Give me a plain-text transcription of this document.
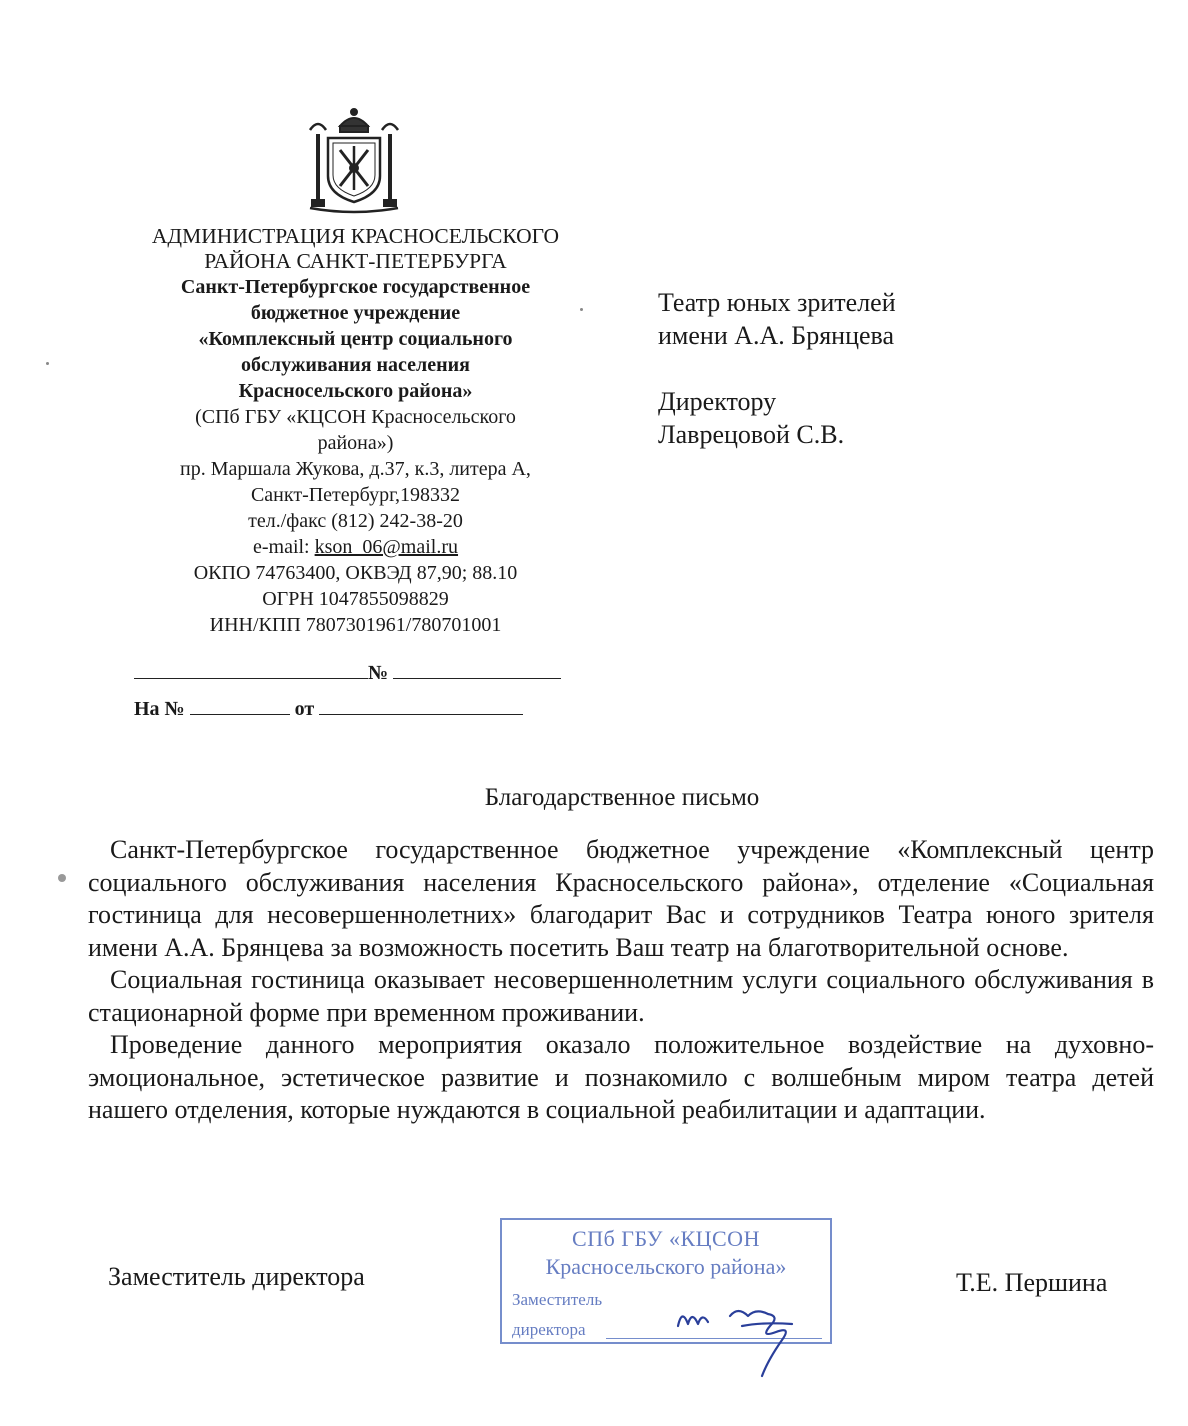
АДМИНИСТРАЦИЯ КРАСНОСЕЛЬСКОГО
РАЙОНА САНКТ-ПЕТЕРБУРГА
Санкт-Петербургское государственное
бюджетное учреждение
«Комплексный центр социального
обслуживания населения
Красносельского района»
(СПб ГБУ «КЦСОН Красносельского
района»)
пр. Маршала Жукова, д.37, к.3, литера А,
Санкт-Петербург,198332
тел./факс (812) 242-38-20
e-mail: kson_06@mail.ru
ОКПО 74763400, ОКВЭД 87,90; 88.10
ОГРН 1047855098829
ИНН/КПП 7807301961/780701001
№
На №	от
Театр юных зрителей
имени А.А. Брянцева
Директору
Лаврецовой С.В.
Благодарственное письмо

Санкт-Петербургское государственное бюджетное учреждение «Комплексный центр социального обслуживания населения Красносельского района», отделение «Социальная гостиница для несовершеннолетних» благодарит Вас и сотрудников Театра юного зрителя имени А.А. Брянцева за возможность посетить Ваш театр на благотворительной основе.

Социальная гостиница оказывает несовершеннолетним услуги социального обслуживания в стационарной форме при временном проживании.

Проведение данного мероприятия оказало положительное воздействие на духовно-эмоциональное, эстетическое развитие и познакомило с волшебным миром театра детей нашего отделения, которые нуждаются в социальной реабилитации и адаптации.

Заместитель директора	Т.Е. Першина
СПб ГБУ «КЦСОН
Красносельского района»
Заместитель
директора
